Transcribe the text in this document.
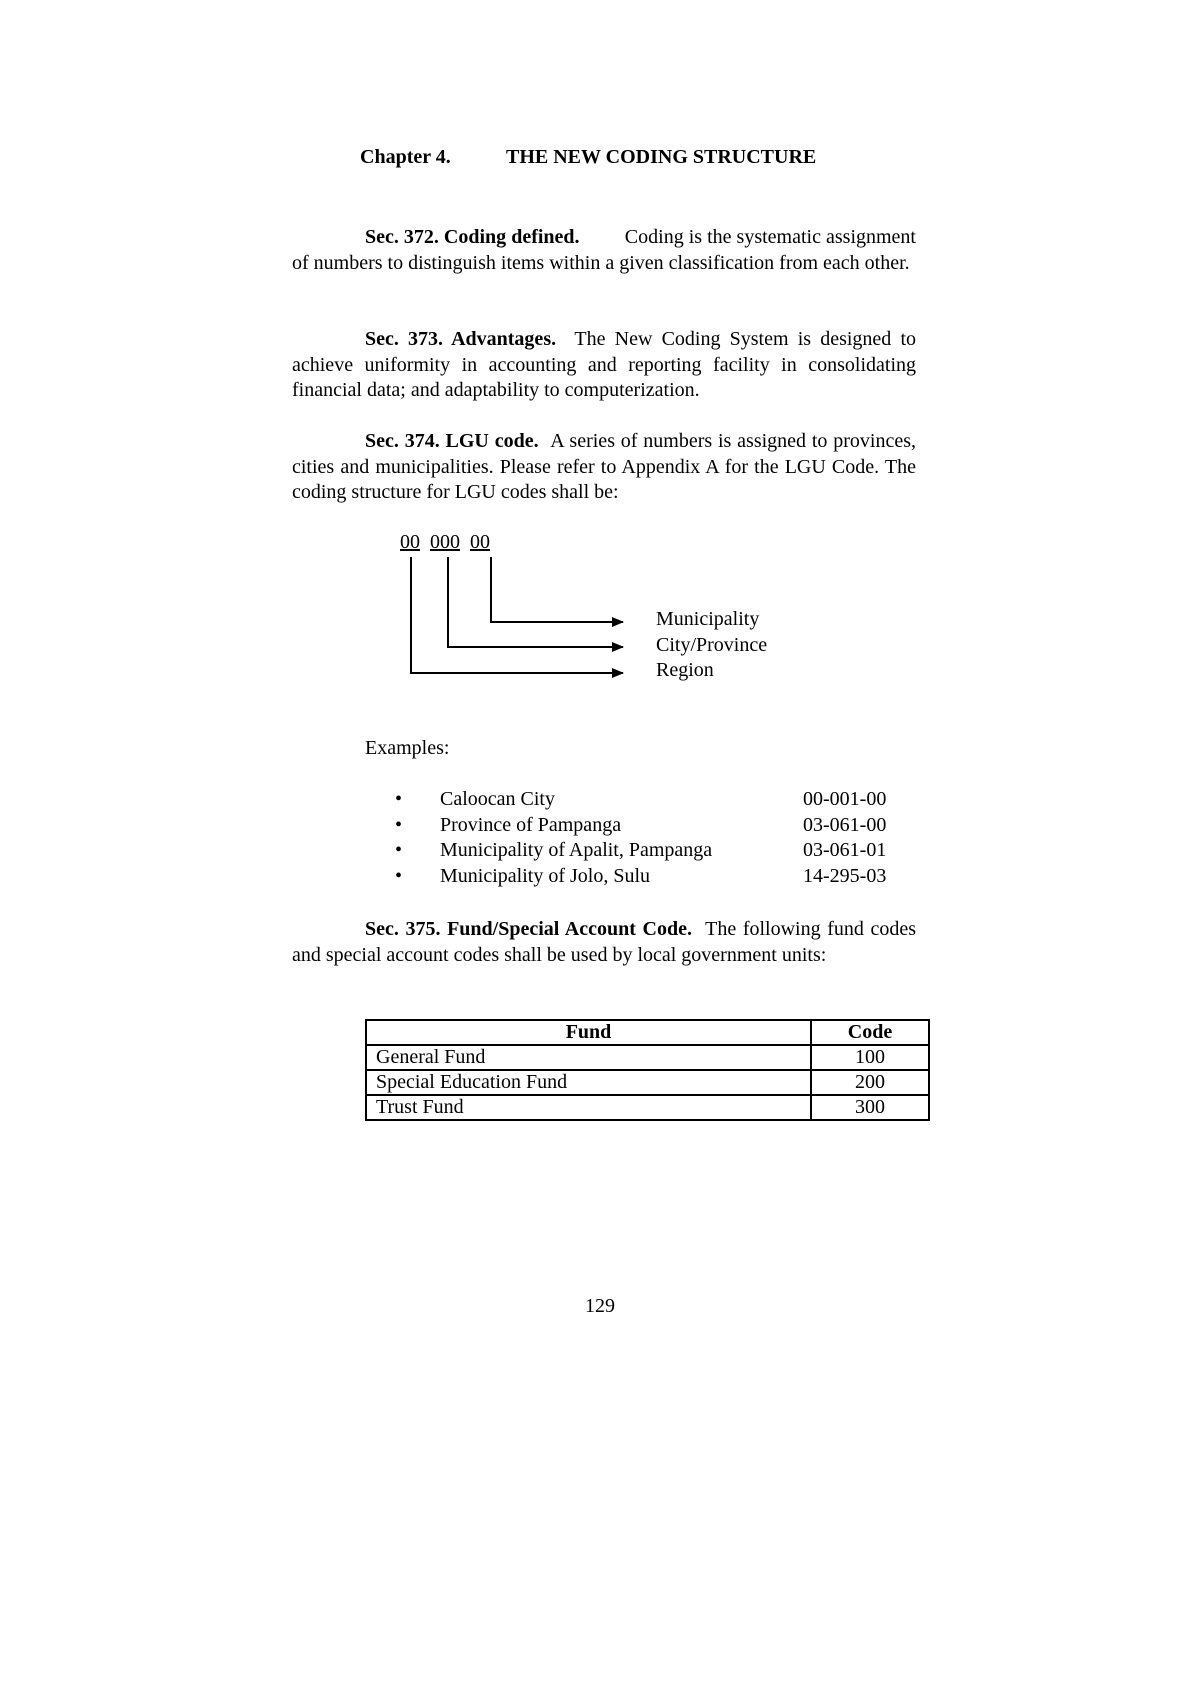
Chapter 4.	THE NEW CODING STRUCTURE

Sec. 372. Coding defined. Coding is the systematic assignment of numbers to distinguish items within a given classification from each other.

Sec. 373. Advantages. The New Coding System is designed to achieve uniformity in accounting and reporting facility in consolidating financial data; and adaptability to computerization.

Sec. 374. LGU code. A series of numbers is assigned to provinces, cities and municipalities. Please refer to Appendix A for the LGU Code. The coding structure for LGU codes shall be:

00 000 00
Municipality
City/Province
Region
Examples:
• Caloocan City	00-001-00
• Province of Pampanga	03-061-00
• Municipality of Apalit, Pampanga	03-061-01
• Municipality of Jolo, Sulu	14-295-03

Sec. 375. Fund/Special Account Code. The following fund codes and special account codes shall be used by local government units:

Fund	Code
General Fund	100
Special Education Fund	200
Trust Fund	300
129
